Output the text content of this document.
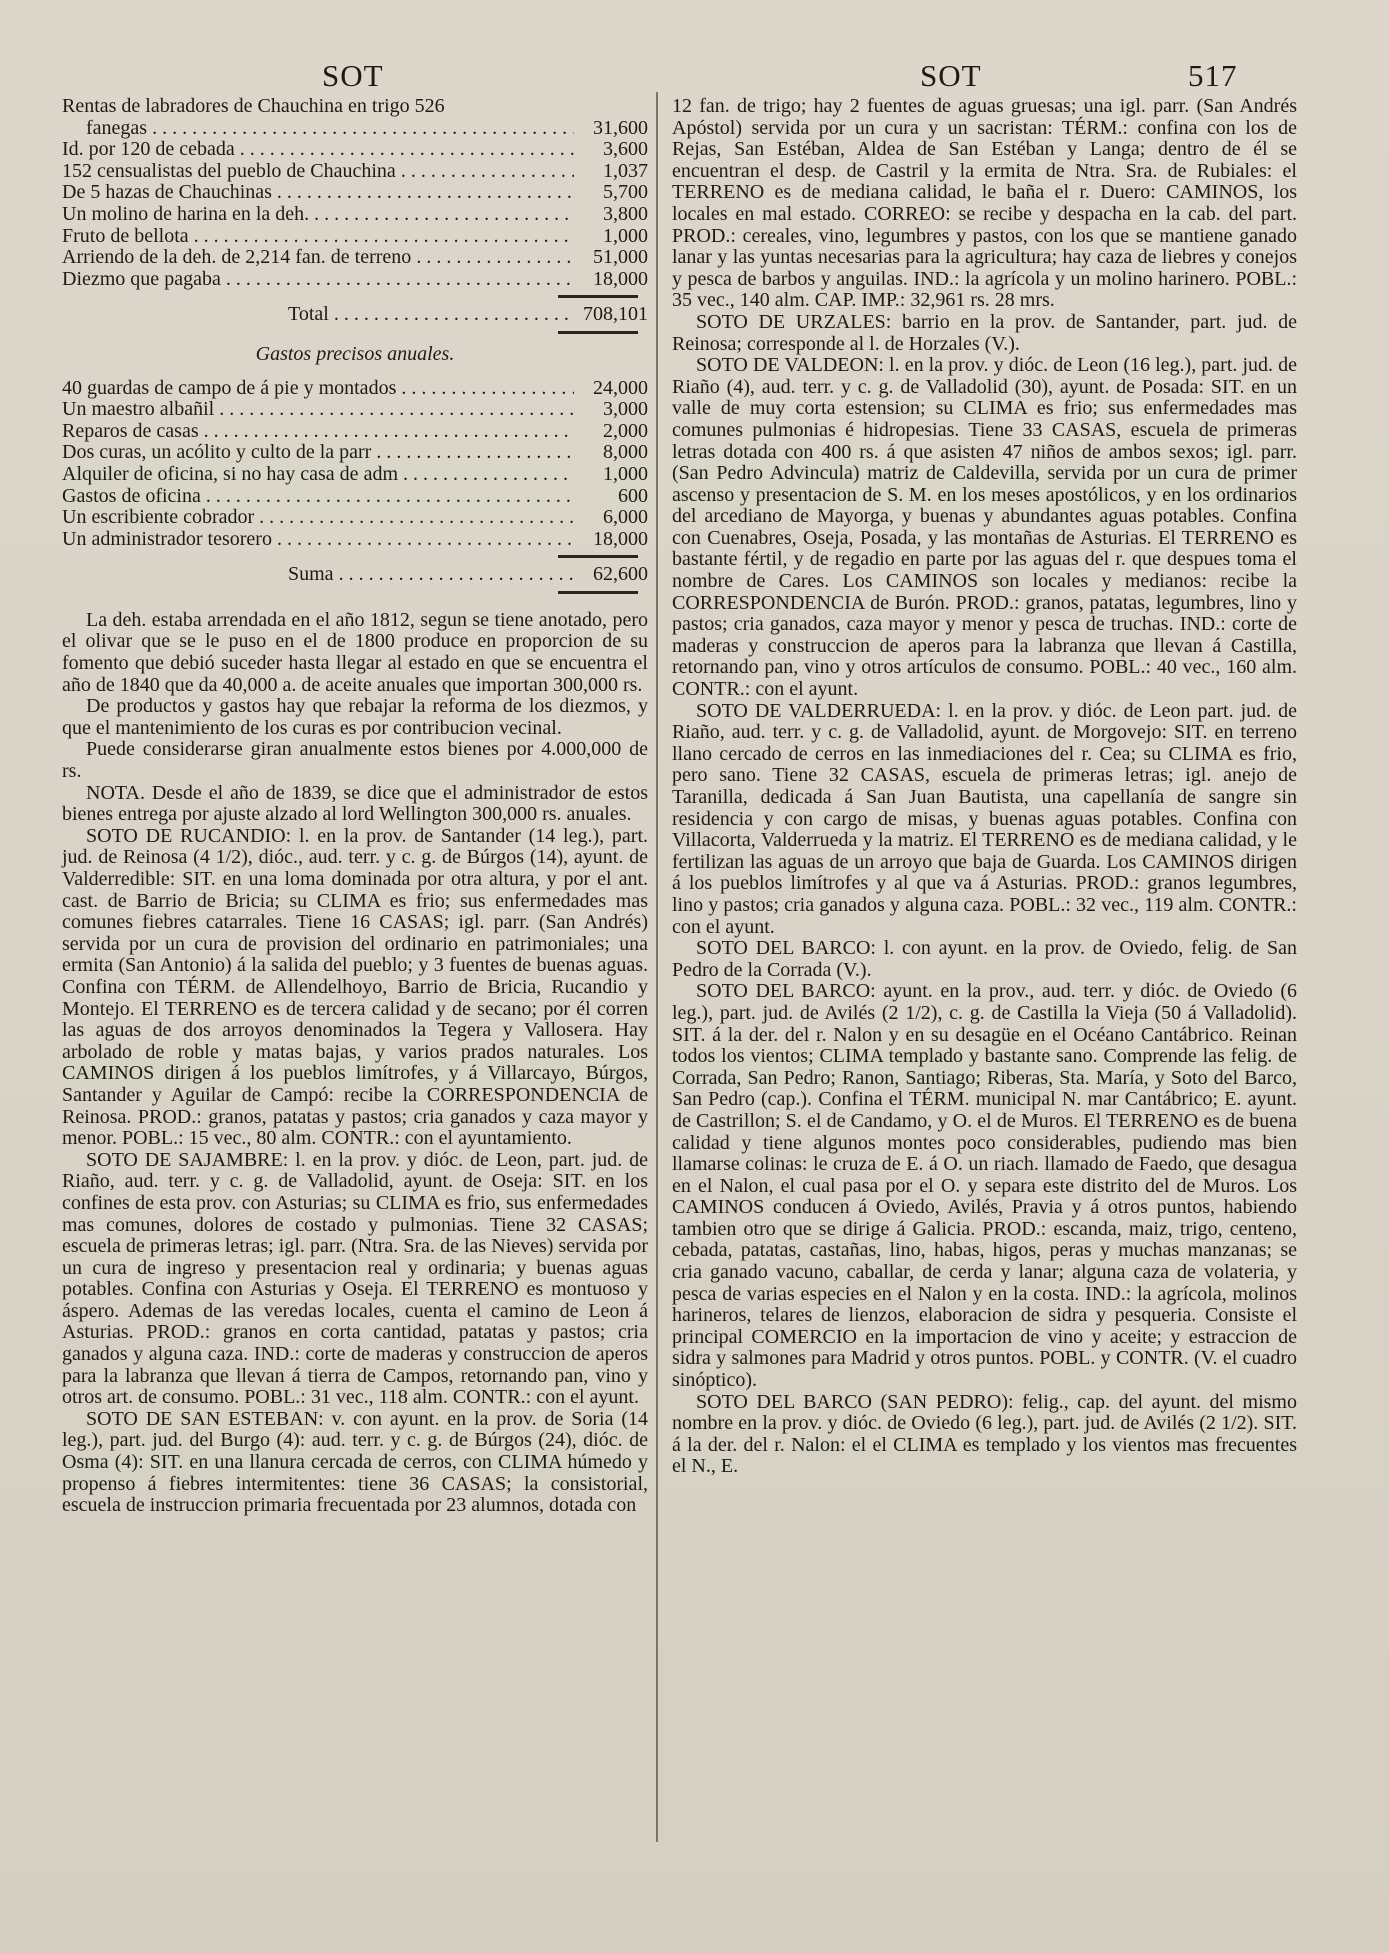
SOT	SOT	517
Rentas de labradores de Chauchina en trigo 526
fanegas . . .	31,600
Id. por 120 de cebada . . .	3,600
152 censualistas del pueblo de Chauchina . . .	1,037
De 5 hazas de Chauchinas . . .	5,700
Un molino de harina en la deh. . . .	3,800
Fruto de bellota . . .	1,000
Arriendo de la deh. de 2,214 fan. de terreno . . .	51,000
Diezmo que pagaba . . .	18,000
Total . . .	708,101
Gastos precisos anuales.
40 guardas de campo de á pie y montados . . .	24,000
Un maestro albañil . . .	3,000
Reparos de casas . . .	2,000
Dos curas, un acólito y culto de la parr . . .	8,000
Alquiler de oficina, si no hay casa de adm . . .	1,000
Gastos de oficina . . .	600
Un escribiente cobrador . . .	6,000
Un administrador tesorero . . .	18,000
Suma . . .	62,600

La deh. estaba arrendada en el año 1812, segun se tiene anotado, pero el olivar que se le puso en el de 1800 produce en proporcion de su fomento que debió suceder hasta llegar al estado en que se encuentra el año de 1840 que da 40,000 a. de aceite anuales que importan 300,000 rs.

De productos y gastos hay que rebajar la reforma de los diezmos, y que el mantenimiento de los curas es por contribucion vecinal.

Puede considerarse giran anualmente estos bienes por 4.000,000 de rs.

NOTA. Desde el año de 1839, se dice que el administrador de estos bienes entrega por ajuste alzado al lord Wellington 300,000 rs. anuales.

SOTO DE RUCANDIO: l. en la prov. de Santander (14 leg.), part. jud. de Reinosa (4 1/2), dióc., aud. terr. y c. g. de Búrgos (14), ayunt. de Valderredible: SIT. en una loma dominada por otra altura, y por el ant. cast. de Barrio de Bricia; su CLIMA es frio; sus enfermedades mas comunes fiebres catarrales. Tiene 16 CASAS; igl. parr. (San Andrés) servida por un cura de provision del ordinario en patrimoniales; una ermita (San Antonio) á la salida del pueblo; y 3 fuentes de buenas aguas. Confina con TÉRM. de Allendelhoyo, Barrio de Bricia, Rucandio y Montejo. El TERRENO es de tercera calidad y de secano; por él corren las aguas de dos arroyos denominados la Tegera y Vallosera. Hay arbolado de roble y matas bajas, y varios prados naturales. Los CAMINOS dirigen á los pueblos limítrofes, y á Villarcayo, Búrgos, Santander y Aguilar de Campó: recibe la CORRESPONDENCIA de Reinosa. PROD.: granos, patatas y pastos; cria ganados y caza mayor y menor. POBL.: 15 vec., 80 alm. CONTR.: con el ayuntamiento.

SOTO DE SAJAMBRE: l. en la prov. y dióc. de Leon, part. jud. de Riaño, aud. terr. y c. g. de Valladolid, ayunt. de Oseja: SIT. en los confines de esta prov. con Asturias; su CLIMA es frio, sus enfermedades mas comunes, dolores de costado y pulmonias. Tiene 32 CASAS; escuela de primeras letras; igl. parr. (Ntra. Sra. de las Nieves) servida por un cura de ingreso y presentacion real y ordinaria; y buenas aguas potables. Confina con Asturias y Oseja. El TERRENO es montuoso y áspero. Ademas de las veredas locales, cuenta el camino de Leon á Asturias. PROD.: granos en corta cantidad, patatas y pastos; cria ganados y alguna caza. IND.: corte de maderas y construccion de aperos para la labranza que llevan á tierra de Campos, retornando pan, vino y otros art. de consumo. POBL.: 31 vec., 118 alm. CONTR.: con el ayunt.

SOTO DE SAN ESTEBAN: v. con ayunt. en la prov. de Soria (14 leg.), part. jud. del Burgo (4): aud. terr. y c. g. de Búrgos (24), dióc. de Osma (4): SIT. en una llanura cercada de cerros, con CLIMA húmedo y propenso á fiebres intermitentes: tiene 36 CASAS; la consistorial, escuela de instruccion primaria frecuentada por 23 alumnos, dotada con

12 fan. de trigo; hay 2 fuentes de aguas gruesas; una igl. parr. (San Andrés Apóstol) servida por un cura y un sacristan: TÉRM.: confina con los de Rejas, San Estéban, Aldea de San Estéban y Langa; dentro de él se encuentran el desp. de Castril y la ermita de Ntra. Sra. de Rubiales: el TERRENO es de mediana calidad, le baña el r. Duero: CAMINOS, los locales en mal estado. CORREO: se recibe y despacha en la cab. del part. PROD.: cereales, vino, legumbres y pastos, con los que se mantiene ganado lanar y las yuntas necesarias para la agricultura; hay caza de liebres y conejos y pesca de barbos y anguilas. IND.: la agrícola y un molino harinero. POBL.: 35 vec., 140 alm. CAP. IMP.: 32,961 rs. 28 mrs.

SOTO DE URZALES: barrio en la prov. de Santander, part. jud. de Reinosa; corresponde al l. de Horzales (V.).

SOTO DE VALDEON: l. en la prov. y dióc. de Leon (16 leg.), part. jud. de Riaño (4), aud. terr. y c. g. de Valladolid (30), ayunt. de Posada: SIT. en un valle de muy corta estension; su CLIMA es frio; sus enfermedades mas comunes pulmonias é hidropesias. Tiene 33 CASAS, escuela de primeras letras dotada con 400 rs. á que asisten 47 niños de ambos sexos; igl. parr. (San Pedro Advincula) matriz de Caldevilla, servida por un cura de primer ascenso y presentacion de S. M. en los meses apostólicos, y en los ordinarios del arcediano de Mayorga, y buenas y abundantes aguas potables. Confina con Cuenabres, Oseja, Posada, y las montañas de Asturias. El TERRENO es bastante fértil, y de regadio en parte por las aguas del r. que despues toma el nombre de Cares. Los CAMINOS son locales y medianos: recibe la CORRESPONDENCIA de Burón. PROD.: granos, patatas, legumbres, lino y pastos; cria ganados, caza mayor y menor y pesca de truchas. IND.: corte de maderas y construccion de aperos para la labranza que llevan á Castilla, retornando pan, vino y otros artículos de consumo. POBL.: 40 vec., 160 alm. CONTR.: con el ayunt.

SOTO DE VALDERRUEDA: l. en la prov. y dióc. de Leon part. jud. de Riaño, aud. terr. y c. g. de Valladolid, ayunt. de Morgovejo: SIT. en terreno llano cercado de cerros en las inmediaciones del r. Cea; su CLIMA es frio, pero sano. Tiene 32 CASAS, escuela de primeras letras; igl. anejo de Taranilla, dedicada á San Juan Bautista, una capellanía de sangre sin residencia y con cargo de misas, y buenas aguas potables. Confina con Villacorta, Valderrueda y la matriz. El TERRENO es de mediana calidad, y le fertilizan las aguas de un arroyo que baja de Guarda. Los CAMINOS dirigen á los pueblos limítrofes y al que va á Asturias. PROD.: granos legumbres, lino y pastos; cria ganados y alguna caza. POBL.: 32 vec., 119 alm. CONTR.: con el ayunt.

SOTO DEL BARCO: l. con ayunt. en la prov. de Oviedo, felig. de San Pedro de la Corrada (V.).

SOTO DEL BARCO: ayunt. en la prov., aud. terr. y dióc. de Oviedo (6 leg.), part. jud. de Avilés (2 1/2), c. g. de Castilla la Vieja (50 á Valladolid). SIT. á la der. del r. Nalon y en su desagüe en el Océano Cantábrico. Reinan todos los vientos; CLIMA templado y bastante sano. Comprende las felig. de Corrada, San Pedro; Ranon, Santiago; Riberas, Sta. María, y Soto del Barco, San Pedro (cap.). Confina el TÉRM. municipal N. mar Cantábrico; E. ayunt. de Castrillon; S. el de Candamo, y O. el de Muros. El TERRENO es de buena calidad y tiene algunos montes poco considerables, pudiendo mas bien llamarse colinas: le cruza de E. á O. un riach. llamado de Faedo, que desagua en el Nalon, el cual pasa por el O. y separa este distrito del de Muros. Los CAMINOS conducen á Oviedo, Avilés, Pravia y á otros puntos, habiendo tambien otro que se dirige á Galicia. PROD.: escanda, maiz, trigo, centeno, cebada, patatas, castañas, lino, habas, higos, peras y muchas manzanas; se cria ganado vacuno, caballar, de cerda y lanar; alguna caza de volateria, y pesca de varias especies en el Nalon y en la costa. IND.: la agrícola, molinos harineros, telares de lienzos, elaboracion de sidra y pesqueria. Consiste el principal COMERCIO en la importacion de vino y aceite; y estraccion de sidra y salmones para Madrid y otros puntos. POBL. y CONTR. (V. el cuadro sinóptico).

SOTO DEL BARCO (SAN PEDRO): felig., cap. del ayunt. del mismo nombre en la prov. y dióc. de Oviedo (6 leg.), part. jud. de Avilés (2 1/2). SIT. á la der. del r. Nalon: el el CLIMA es templado y los vientos mas frecuentes el N., E.
